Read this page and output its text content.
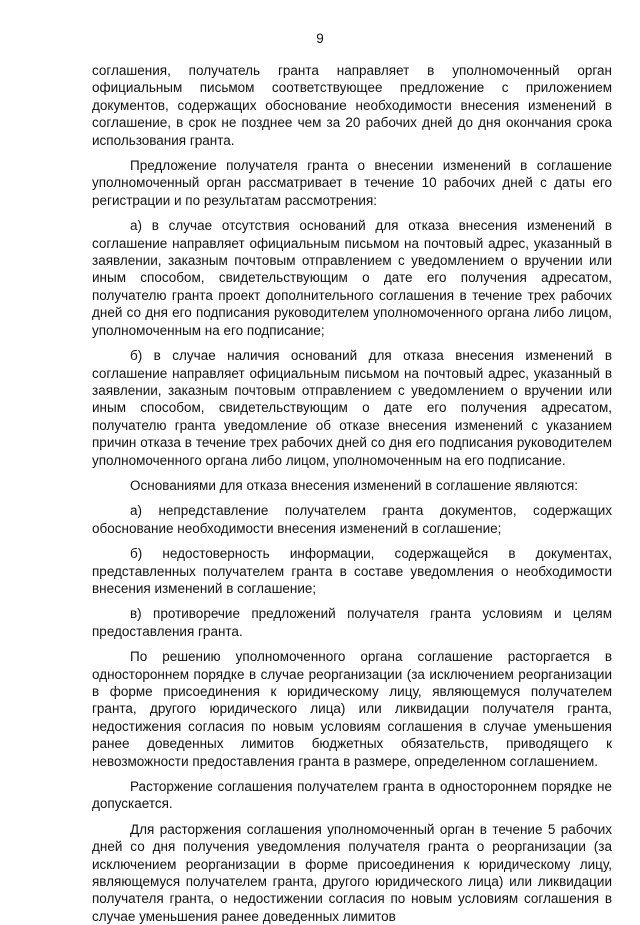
9

соглашения, получатель гранта направляет в уполномоченный орган официальным письмом соответствующее предложение с приложением документов, содержащих обоснование необходимости внесения изменений в соглашение, в срок не позднее чем за 20 рабочих дней до дня окончания срока использования гранта.

Предложение получателя гранта о внесении изменений в соглашение уполномоченный орган рассматривает в течение 10 рабочих дней с даты его регистрации и по результатам рассмотрения:

а) в случае отсутствия оснований для отказа внесения изменений в соглашение направляет официальным письмом на почтовый адрес, указанный в заявлении, заказным почтовым отправлением с уведомлением о вручении или иным способом, свидетельствующим о дате его получения адресатом, получателю гранта проект дополнительного соглашения в течение трех рабочих дней со дня его подписания руководителем уполномоченного органа либо лицом, уполномоченным на его подписание;

б) в случае наличия оснований для отказа внесения изменений в соглашение направляет официальным письмом на почтовый адрес, указанный в заявлении, заказным почтовым отправлением с уведомлением о вручении или иным способом, свидетельствующим о дате его получения адресатом, получателю гранта уведомление об отказе внесения изменений с указанием причин отказа в течение трех рабочих дней со дня его подписания руководителем уполномоченного органа либо лицом, уполномоченным на его подписание.

Основаниями для отказа внесения изменений в соглашение являются:

а) непредставление получателем гранта документов, содержащих обоснование необходимости внесения изменений в соглашение;

б) недостоверность информации, содержащейся в документах, представленных получателем гранта в составе уведомления о необходимости внесения изменений в соглашение;

в) противоречие предложений получателя гранта условиям и целям предоставления гранта.

По решению уполномоченного органа соглашение расторгается в одностороннем порядке в случае реорганизации (за исключением реорганизации в форме присоединения к юридическому лицу, являющемуся получателем гранта, другого юридического лица) или ликвидации получателя гранта, недостижения согласия по новым условиям соглашения в случае уменьшения ранее доведенных лимитов бюджетных обязательств, приводящего к невозможности предоставления гранта в размере, определенном соглашением.

Расторжение соглашения получателем гранта в одностороннем порядке не допускается.

Для расторжения соглашения уполномоченный орган в течение 5 рабочих дней со дня получения уведомления получателя гранта о реорганизации (за исключением реорганизации в форме присоединения к юридическому лицу, являющемуся получателем гранта, другого юридического лица) или ликвидации получателя гранта, о недостижении согласия по новым условиям соглашения в случае уменьшения ранее доведенных лимитов
